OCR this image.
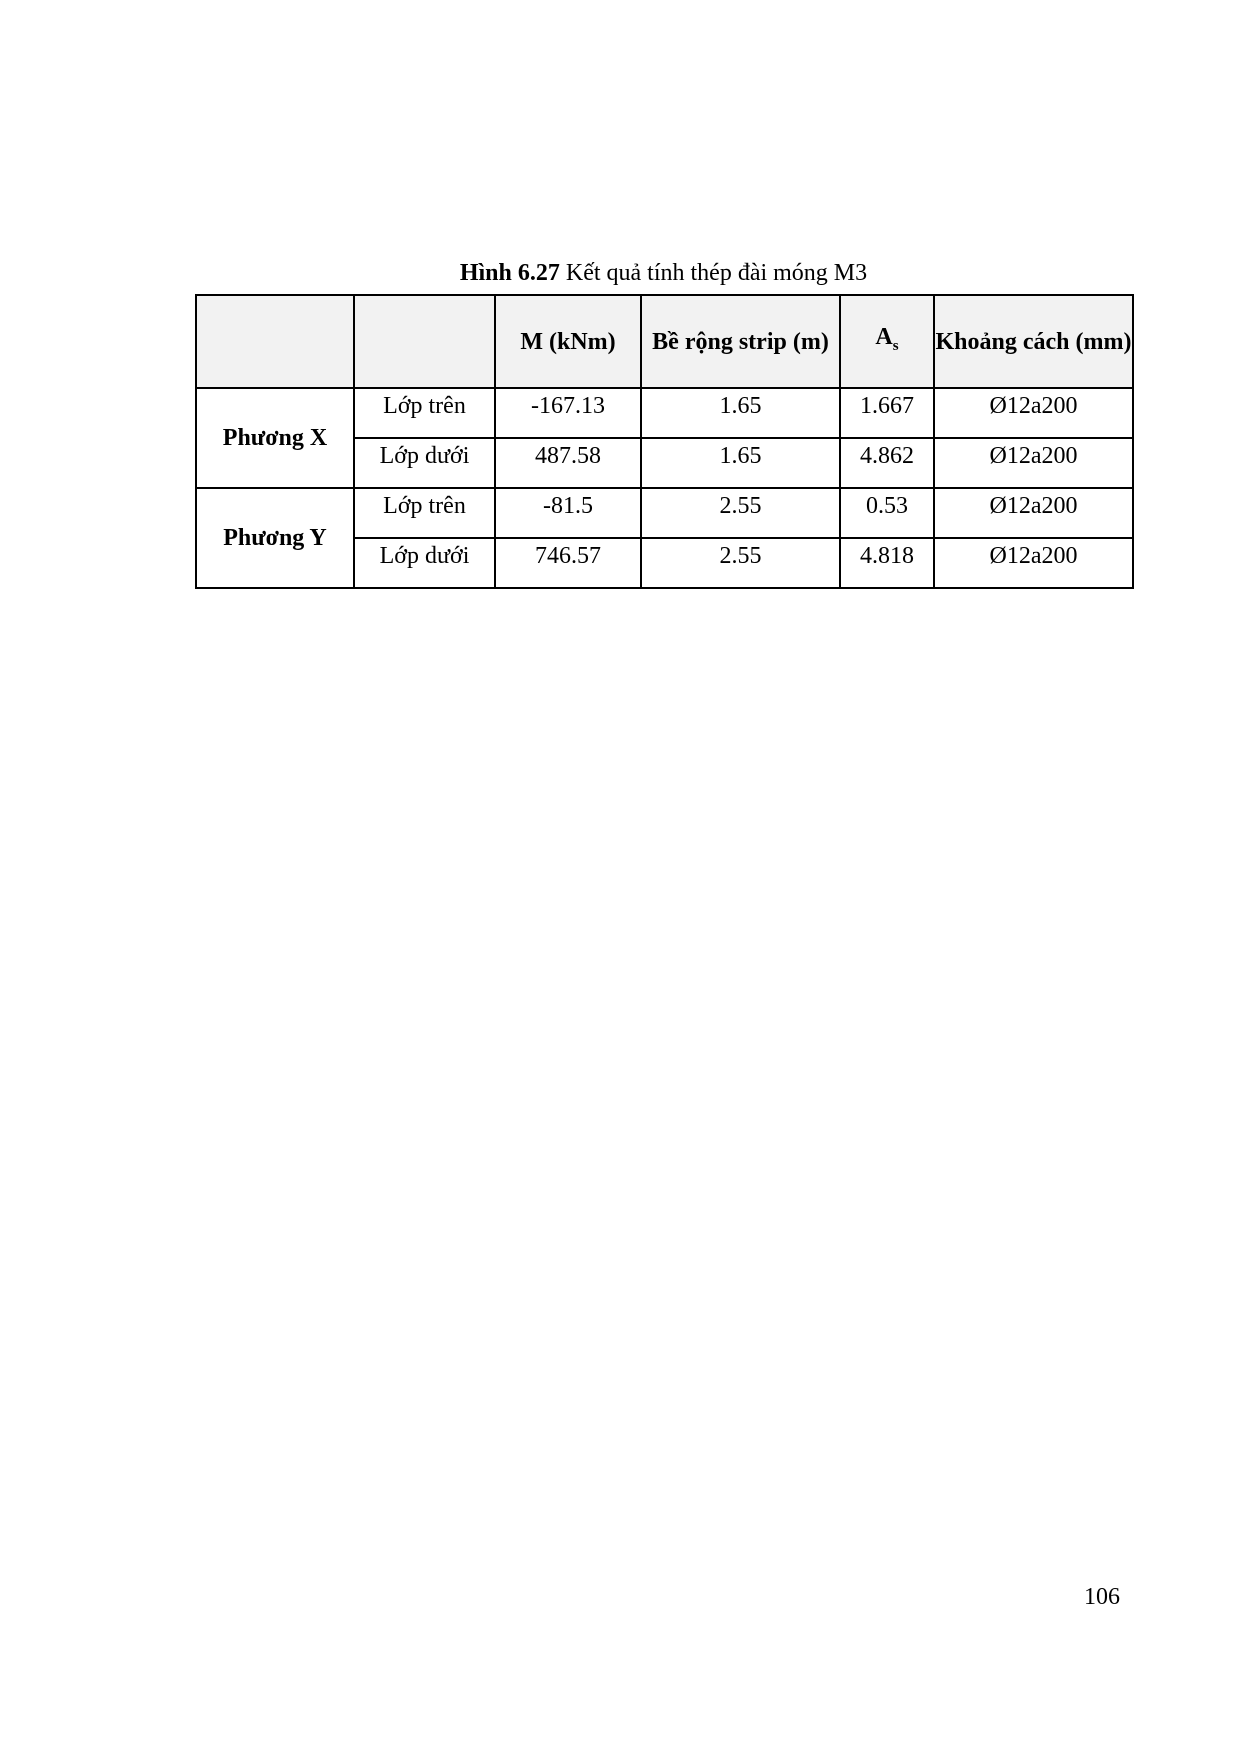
Hình 6.27 Kết quả tính thép đài móng M3
		M (kNm)	Bề rộng strip (m)	$A_s$	Khoảng cách (mm)
Phương X	Lớp trên	-167.13	1.65	1.667	Ø12a200
	Lớp dưới	487.58	1.65	4.862	Ø12a200
Phương Y	Lớp trên	-81.5	2.55	0.53	Ø12a200
	Lớp dưới	746.57	2.55	4.818	Ø12a200
106
